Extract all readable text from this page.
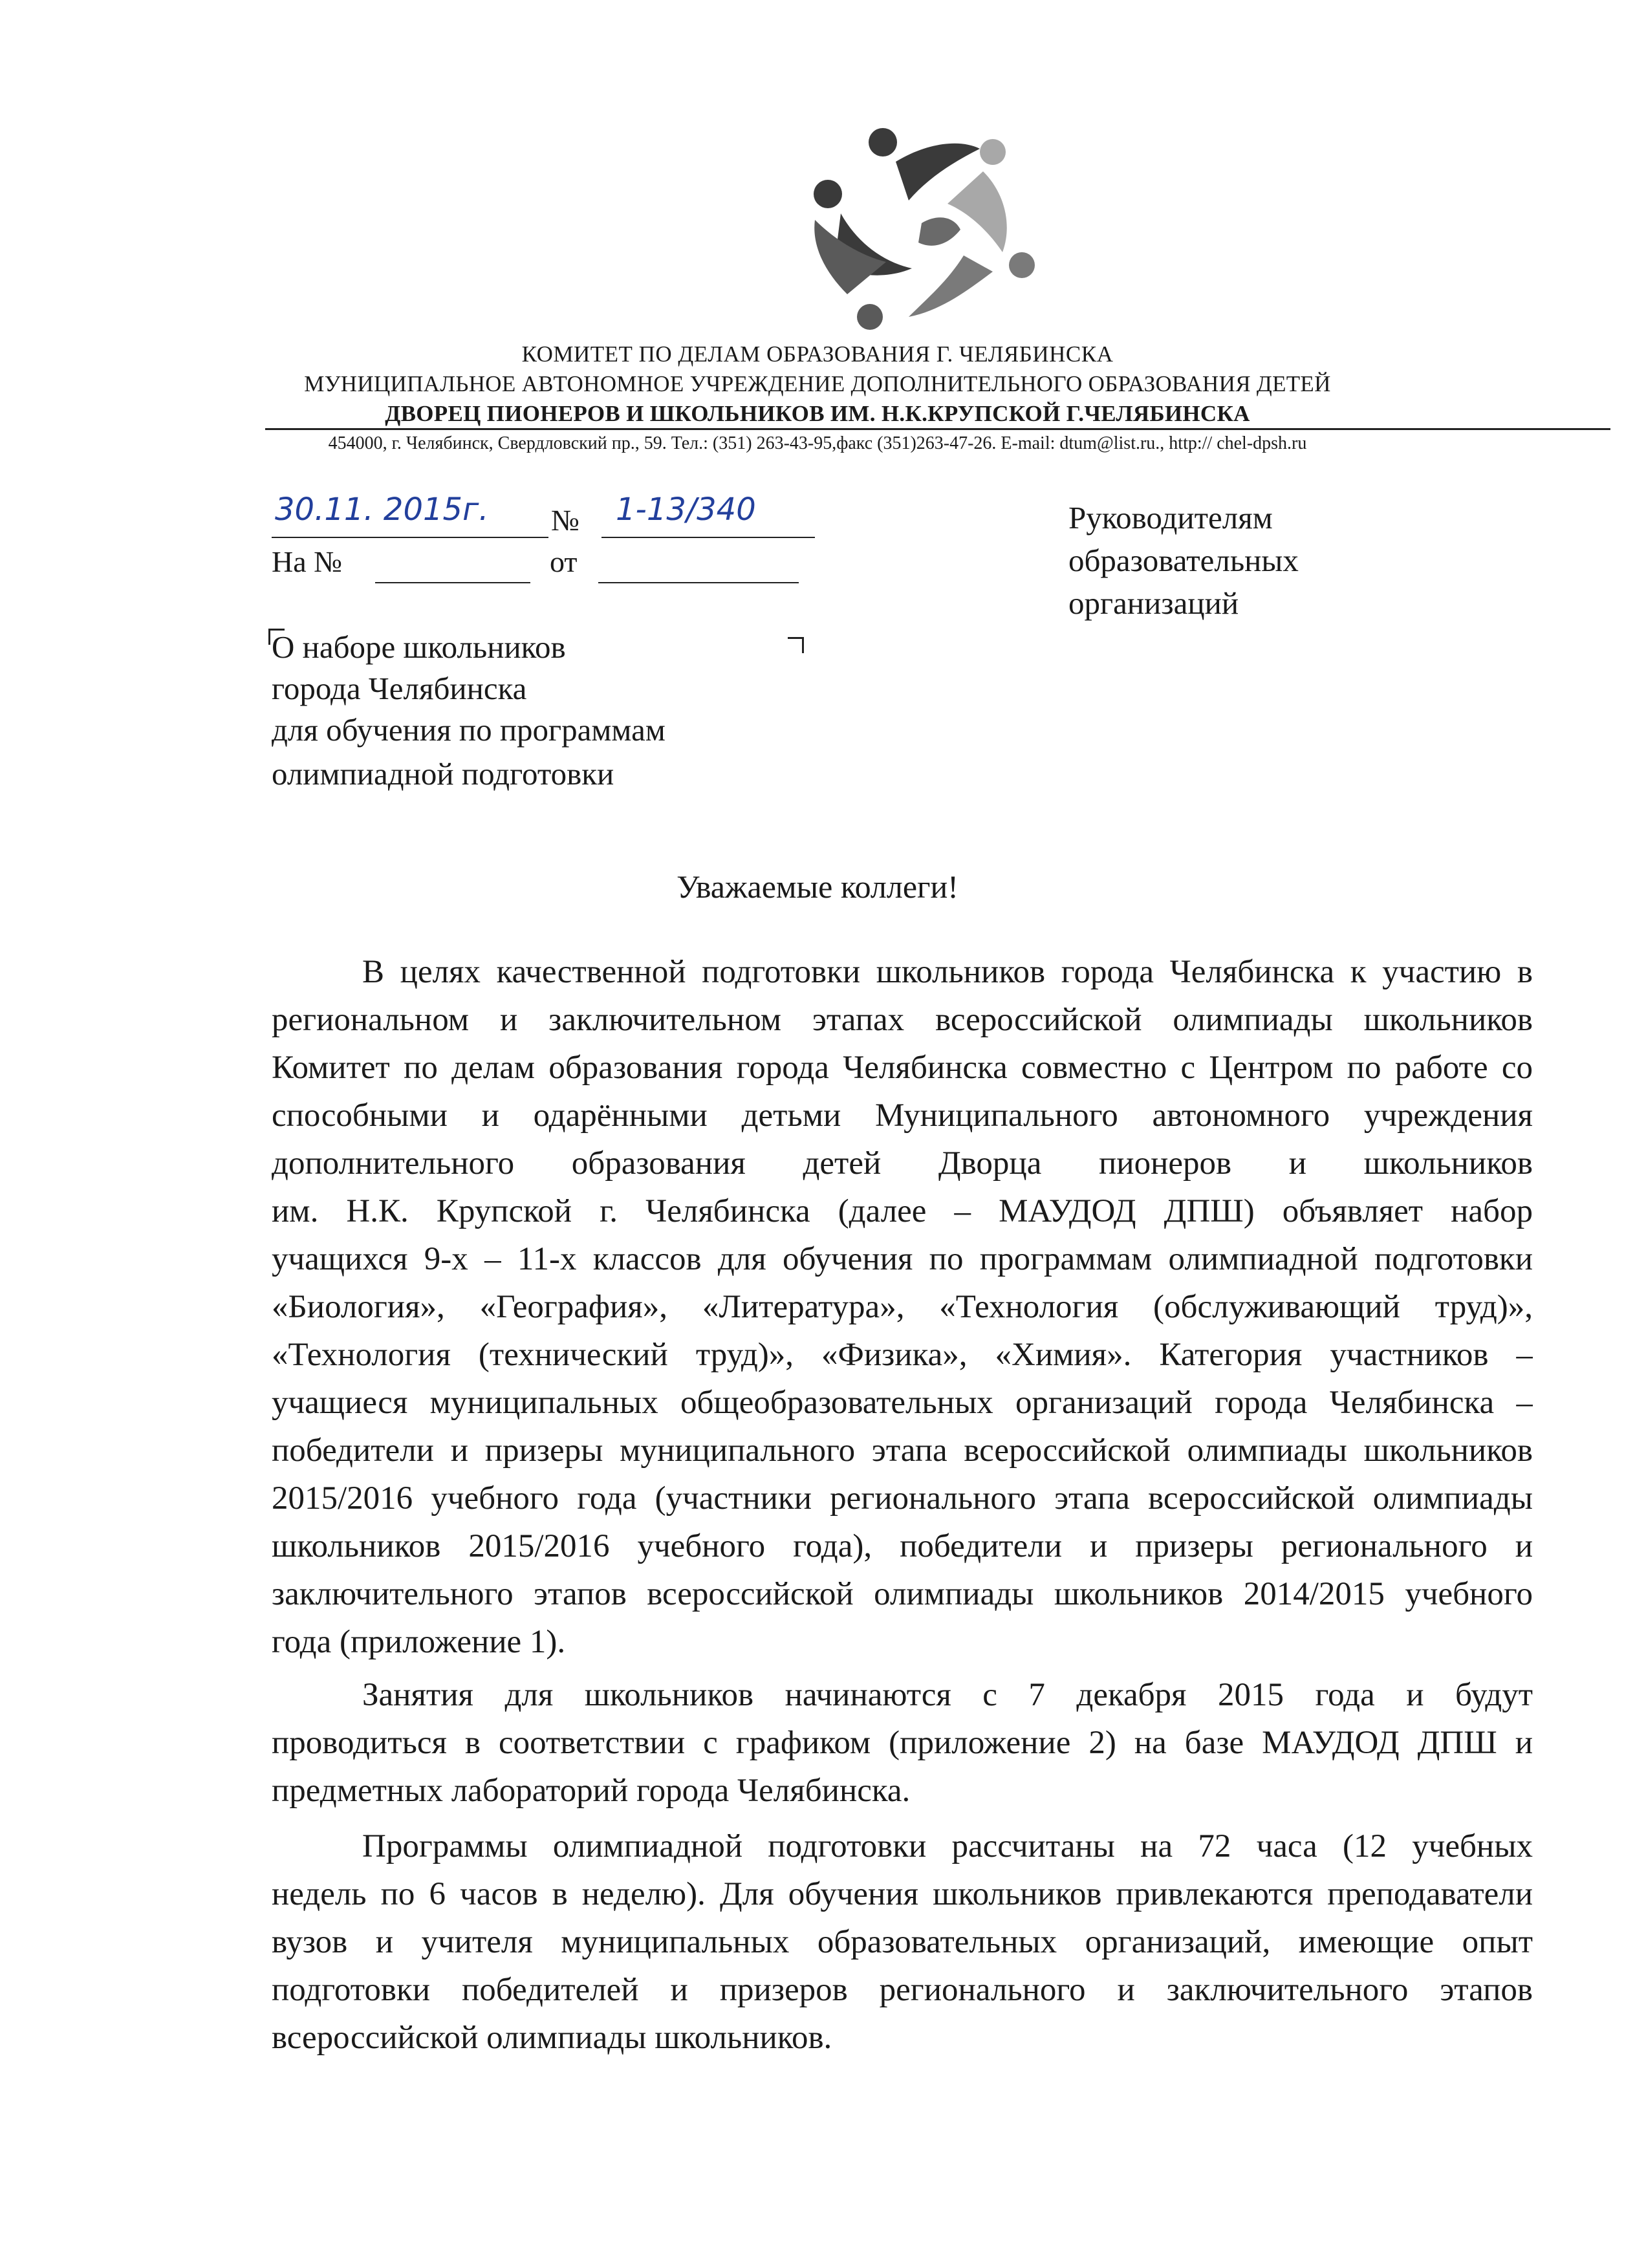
КОМИТЕТ ПО ДЕЛАМ ОБРАЗОВАНИЯ Г. ЧЕЛЯБИНСКА
МУНИЦИПАЛЬНОЕ АВТОНОМНОЕ УЧРЕЖДЕНИЕ ДОПОЛНИТЕЛЬНОГО ОБРАЗОВАНИЯ ДЕТЕЙ
ДВОРЕЦ ПИОНЕРОВ И ШКОЛЬНИКОВ ИМ. Н.К.КРУПСКОЙ Г.ЧЕЛЯБИНСКА
454000, г. Челябинск, Свердловский пр., 59. Тел.: (351) 263-43-95,факс (351)263-47-26. E-mail: dtum@list.ru., http:// chel-dpsh.ru
30.11. 2015г. № 1-13/340
На №	от
Руководителям
образовательных
организаций
О наборе школьников
города Челябинска
для обучения по программам
олимпиадной подготовки
Уважаемые коллеги!
В целях качественной подготовки школьников города Челябинска к участию в
региональном и заключительном этапах всероссийской олимпиады школьников
Комитет по делам образования города Челябинска совместно с Центром по работе со
способными и одарёнными детьми Муниципального автономного учреждения
дополнительного образования детей Дворца пионеров и школьников
им. Н.К. Крупской г. Челябинска (далее – МАУДОД ДПШ) объявляет набор
учащихся 9-х – 11-х классов для обучения по программам олимпиадной подготовки
«Биология», «География», «Литература», «Технология (обслуживающий труд)»,
«Технология (технический труд)», «Физика», «Химия». Категория участников –
учащиеся муниципальных общеобразовательных организаций города Челябинска –
победители и призеры муниципального этапа всероссийской олимпиады школьников
2015/2016 учебного года (участники регионального этапа всероссийской олимпиады
школьников 2015/2016 учебного года), победители и призеры регионального и
заключительного этапов всероссийской олимпиады школьников 2014/2015 учебного
года (приложение 1).
Занятия для школьников начинаются с 7 декабря 2015 года и будут
проводиться в соответствии с графиком (приложение 2) на базе МАУДОД ДПШ и
предметных лабораторий города Челябинска.
Программы олимпиадной подготовки рассчитаны на 72 часа (12 учебных
недель по 6 часов в неделю). Для обучения школьников привлекаются преподаватели
вузов и учителя муниципальных образовательных организаций, имеющие опыт
подготовки победителей и призеров регионального и заключительного этапов
всероссийской олимпиады школьников.
